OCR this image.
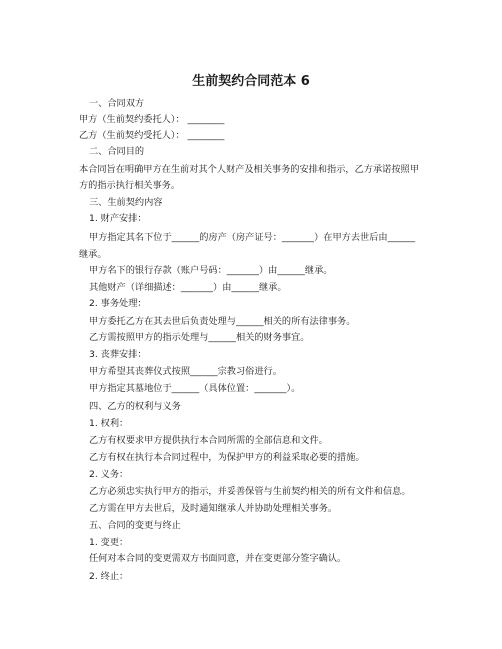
生前契约合同范本 6
一、合同双方
甲方（生前契约委托人）： ________
乙方（生前契约受托人）： ________
二、合同目的
本合同旨在明确甲方在生前对其个人财产及相关事务的安排和指示，乙方承诺按照甲
方的指示执行相关事务。
三、生前契约内容
1. 财产安排：
甲方指定其名下位于______的房产（房产证号：_______）在甲方去世后由______
继承。
甲方名下的银行存款（账户号码：_______）由______继承。
其他财产（详细描述：_______）由______继承。
2. 事务处理：
甲方委托乙方在其去世后负责处理与______相关的所有法律事务。
乙方需按照甲方的指示处理与______相关的财务事宜。
3. 丧葬安排：
甲方希望其丧葬仪式按照______宗教习俗进行。
甲方指定其墓地位于______（具体位置：_______）。
四、乙方的权利与义务
1. 权利：
乙方有权要求甲方提供执行本合同所需的全部信息和文件。
乙方有权在执行本合同过程中，为保护甲方的利益采取必要的措施。
2. 义务：
乙方必须忠实执行甲方的指示，并妥善保管与生前契约相关的所有文件和信息。
乙方需在甲方去世后，及时通知继承人并协助处理相关事务。
五、合同的变更与终止
1. 变更：
任何对本合同的变更需双方书面同意，并在变更部分签字确认。
2. 终止：
